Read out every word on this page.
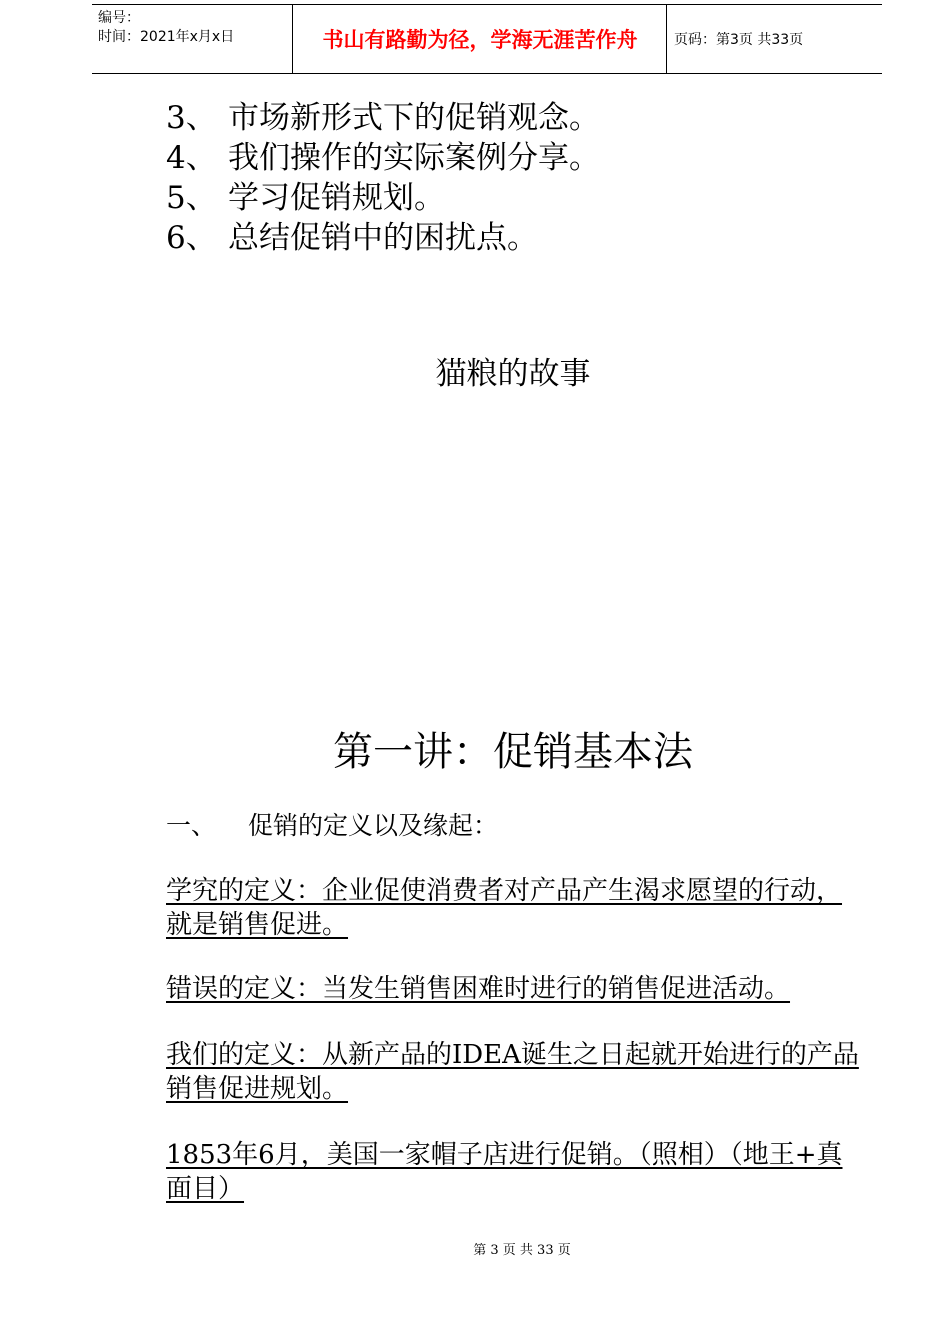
编号：
时间：2021年x月x日	书山有路勤为径，学海无涯苦作舟	页码：第3页 共33页
3、 市场新形式下的促销观念。
4、 我们操作的实际案例分享。
5、 学习促销规划。
6、 总结促销中的困扰点。
猫粮的故事
第一讲：促销基本法
一、 促销的定义以及缘起：
学究的定义：企业促使消费者对产品产生渴求愿望的行动，就是销售促进。
错误的定义：当发生销售困难时进行的销售促进活动。
我们的定义：从新产品的IDEA诞生之日起就开始进行的产品销售促进规划。
1853年6月，美国一家帽子店进行促销。（照相）（地王+真面目）
第 3 页 共 33 页
